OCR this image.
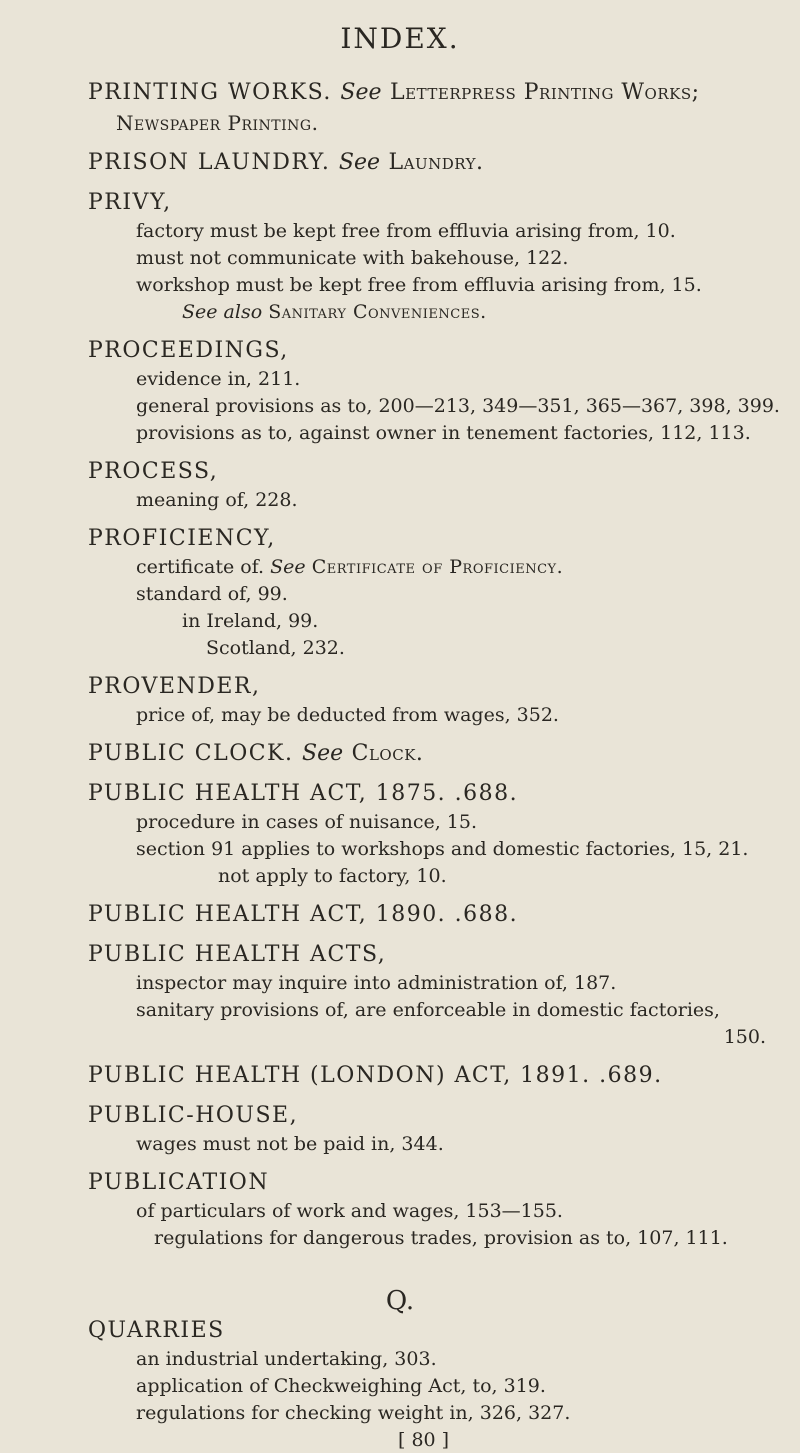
INDEX.
PRINTING WORKS. See Letterpress Printing Works;
Newspaper Printing.
PRISON LAUNDRY. See Laundry.
PRIVY,
factory must be kept free from effluvia arising from, 10.
must not communicate with bakehouse, 122.
workshop must be kept free from effluvia arising from, 15.
See also Sanitary Conveniences.
PROCEEDINGS,
evidence in, 211.
general provisions as to, 200—213, 349—351, 365—367, 398, 399.
provisions as to, against owner in tenement factories, 112, 113.
PROCESS,
meaning of, 228.
PROFICIENCY,
certificate of. See Certificate of Proficiency.
standard of, 99.
in Ireland, 99.
Scotland, 232.
PROVENDER,
price of, may be deducted from wages, 352.
PUBLIC CLOCK. See Clock.
PUBLIC HEALTH ACT, 1875. .688.
procedure in cases of nuisance, 15.
section 91 applies to workshops and domestic factories, 15, 21.
not apply to factory, 10.
PUBLIC HEALTH ACT, 1890. .688.
PUBLIC HEALTH ACTS,
inspector may inquire into administration of, 187.
sanitary provisions of, are enforceable in domestic factories,
150.
PUBLIC HEALTH (LONDON) ACT, 1891. .689.
PUBLIC-HOUSE,
wages must not be paid in, 344.
PUBLICATION
of particulars of work and wages, 153—155.
regulations for dangerous trades, provision as to, 107, 111.
Q.
QUARRIES
an industrial undertaking, 303.
application of Checkweighing Act, to, 319.
regulations for checking weight in, 326, 327.
[ 80 ]
